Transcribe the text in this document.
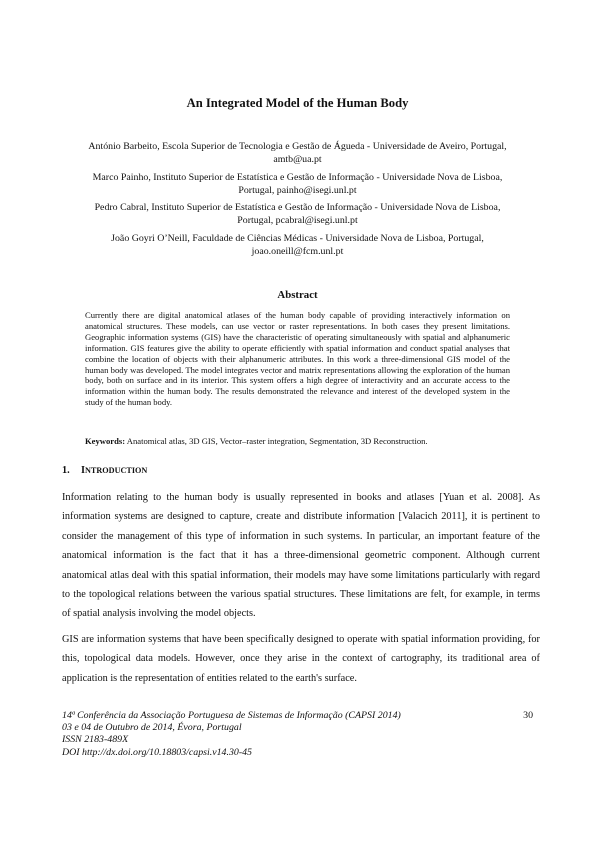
An Integrated Model of the Human Body

António Barbeito, Escola Superior de Tecnologia e Gestão de Águeda - Universidade de Aveiro, Portugal, amtb@ua.pt

Marco Painho, Instituto Superior de Estatística e Gestão de Informação - Universidade Nova de Lisboa, Portugal, painho@isegi.unl.pt

Pedro Cabral, Instituto Superior de Estatística e Gestão de Informação - Universidade Nova de Lisboa, Portugal, pcabral@isegi.unl.pt

João Goyri O’Neill, Faculdade de Ciências Médicas - Universidade Nova de Lisboa, Portugal, joao.oneill@fcm.unl.pt

Abstract
Currently there are digital anatomical atlases of the human body capable of providing interactively information on anatomical structures. These models, can use vector or raster representations. In both cases they present limitations. Geographic information systems (GIS) have the characteristic of operating simultaneously with spatial and alphanumeric information. GIS features give the ability to operate efficiently with spatial information and conduct spatial analyses that combine the location of objects with their alphanumeric attributes. In this work a three-dimensional GIS model of the human body was developed. The model integrates vector and matrix representations allowing the exploration of the human body, both on surface and in its interior. This system offers a high degree of interactivity and an accurate access to the information within the human body. The results demonstrated the relevance and interest of the developed system in the study of the human body.
Keywords: Anatomical atlas, 3D GIS, Vector–raster integration, Segmentation, 3D Reconstruction.
1. INTRODUCTION

Information relating to the human body is usually represented in books and atlases [Yuan et al. 2008]. As information systems are designed to capture, create and distribute information [Valacich 2011], it is pertinent to consider the management of this type of information in such systems. In particular, an important feature of the anatomical information is the fact that it has a three-dimensional geometric component. Although current anatomical atlas deal with this spatial information, their models may have some limitations particularly with regard to the topological relations between the various spatial structures. These limitations are felt, for example, in terms of spatial analysis involving the model objects.

GIS are information systems that have been specifically designed to operate with spatial information providing, for this, topological data models. However, once they arise in the context of cartography, its traditional area of application is the representation of entities related to the earth's surface.

14ª Conferência da Associação Portuguesa de Sistemas de Informação (CAPSI 2014)
03 e 04 de Outubro de 2014, Évora, Portugal
ISSN 2183-489X
DOI http://dx.doi.org/10.18803/capsi.v14.30-45
30
